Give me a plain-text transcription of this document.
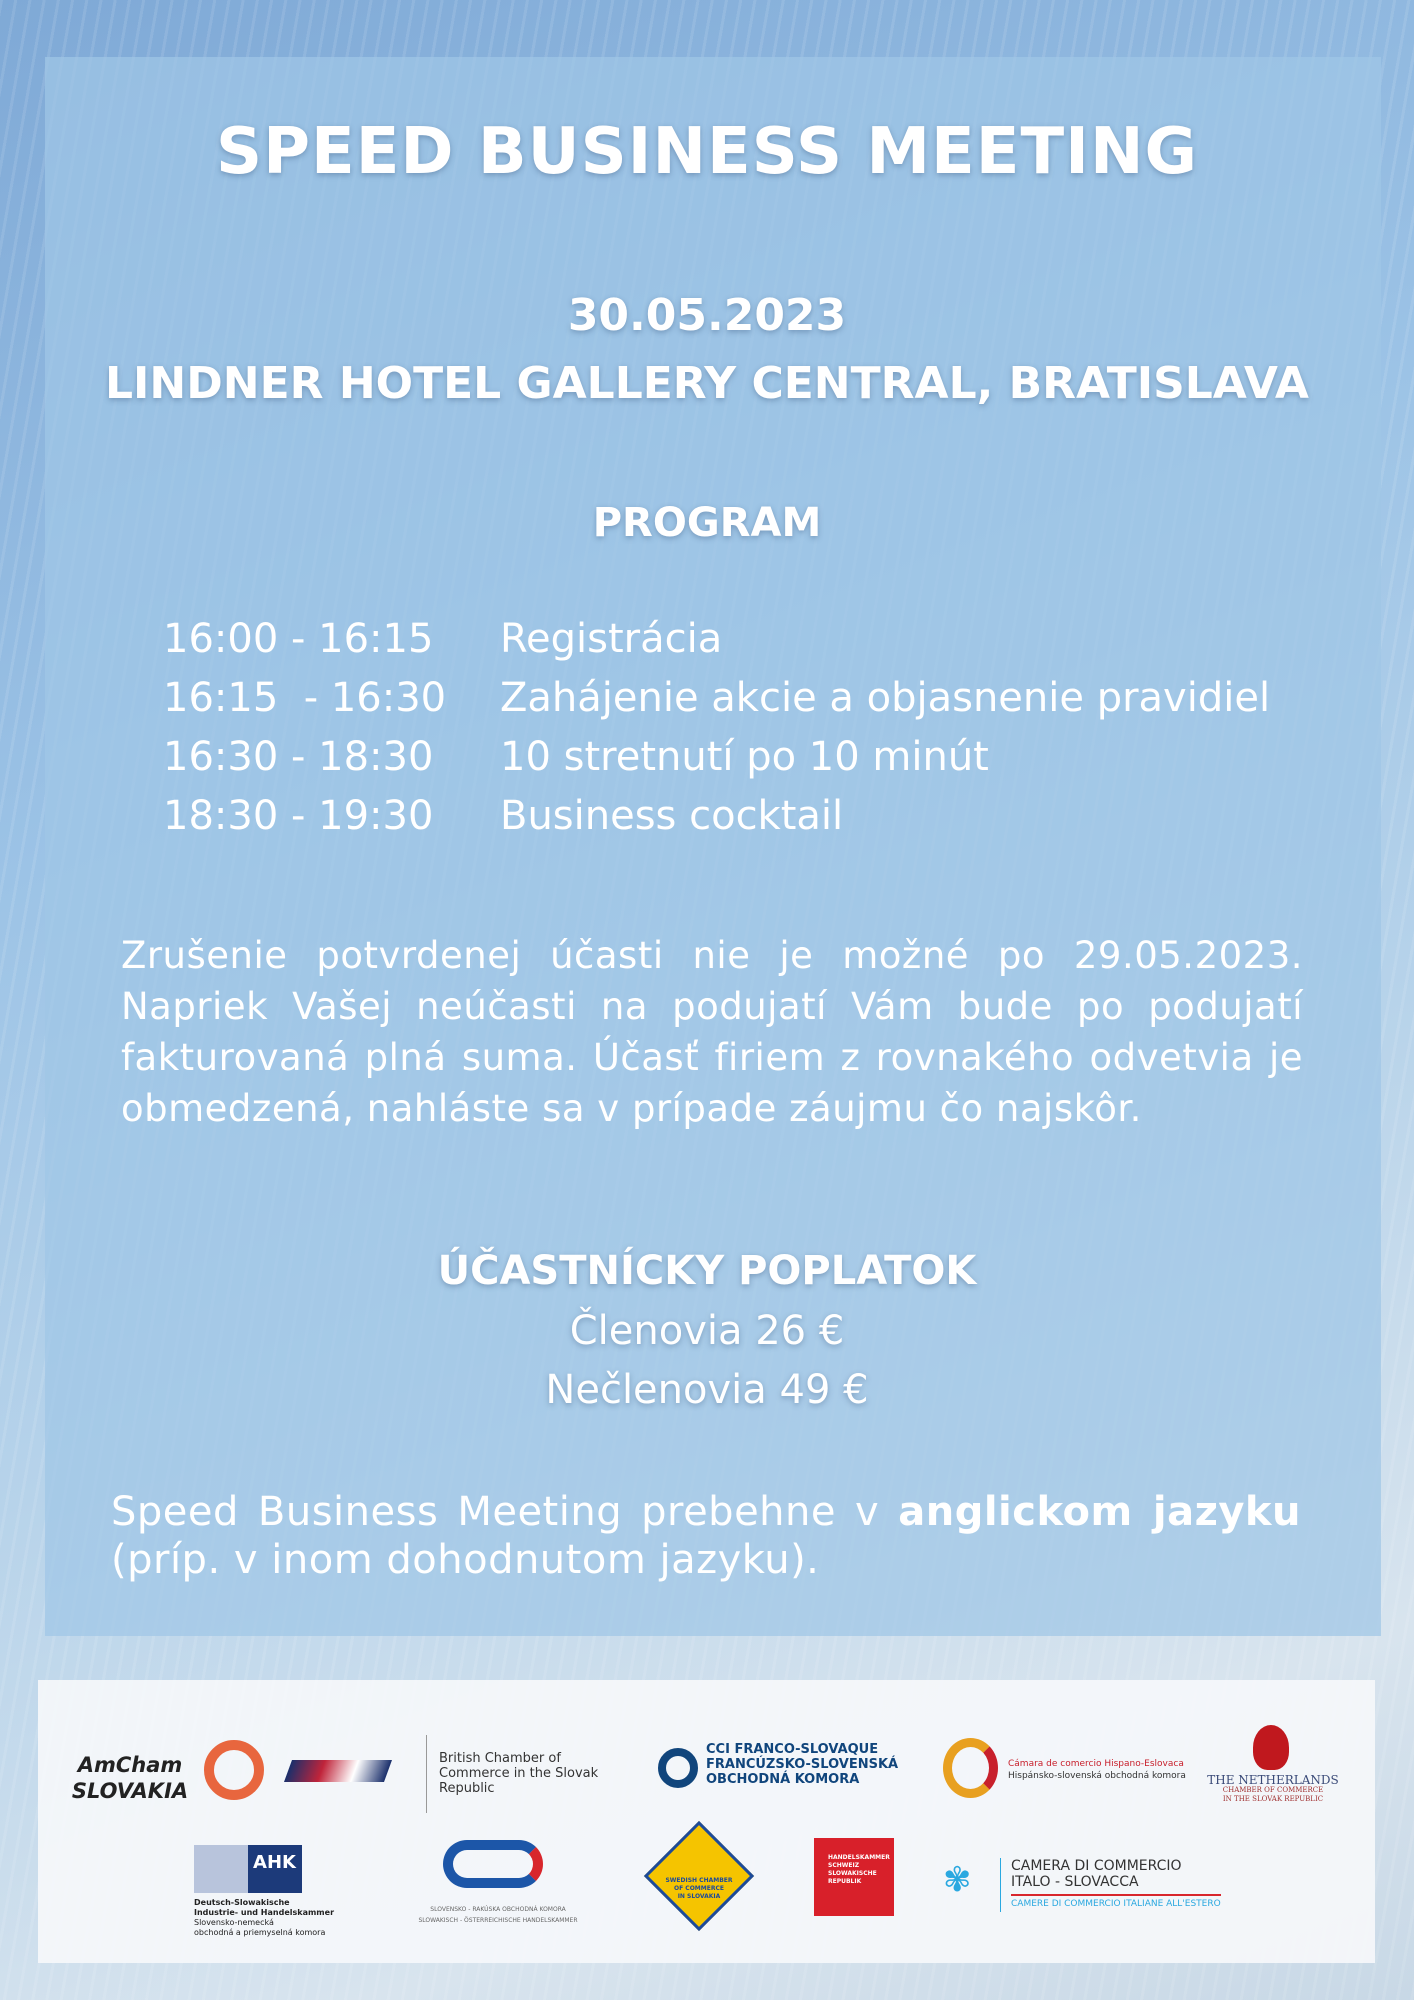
SPEED BUSINESS MEETING
30.05.2023
LINDNER HOTEL GALLERY CENTRAL, BRATISLAVA
PROGRAM
16:00 - 16:15	Registrácia
16:15  - 16:30	Zahájenie akcie a objasnenie pravidiel
16:30 - 18:30	10 stretnutí po 10 minút
18:30 - 19:30	Business cocktail
Zrušenie potvrdenej účasti nie je možné po 29.05.2023. Napriek Vašej neúčasti na podujatí Vám bude po podujatí fakturovaná plná suma. Účasť firiem z rovnakého odvetvia je obmedzená, nahláste sa v prípade záujmu čo najskôr.
ÚČASTNÍCKY POPLATOK
Členovia 26 €
Nečlenovia 49 €
Speed Business Meeting prebehne v anglickom jazyku
(príp. v inom dohodnutom jazyku).
AmCham SLOVAKIA
British Chamber of Commerce in the Slovak Republic
CCI FRANCO-SLOVAQUE
FRANCÚZSKO-SLOVENSKÁ
OBCHODNÁ KOMORA
Cámara de comercio Hispano-Eslovaca
Hispánsko-slovenská obchodná komora	THE NETHERLANDS
CHAMBER OF COMMERCE
IN THE SLOVAK REPUBLIC
AHK
Deutsch-Slowakische
Industrie- und Handelskammer
Slovensko-nemecká
obchodná a priemyselná komora
SLOVENSKO - RAKÚSKA OBCHODNÁ KOMORA
SLOWAKISCH - ÖSTERREICHISCHE HANDELSKAMMER
SWEDISH CHAMBER
OF COMMERCE
IN SLOVAKIA
HANDELSKAMMER
SCHWEIZ
SLOWAKISCHE
REPUBLIK	✾	CAMERA DI COMMERCIO
ITALO - SLOVACCA
CAMERE DI COMMERCIO ITALIANE ALL'ESTERO
